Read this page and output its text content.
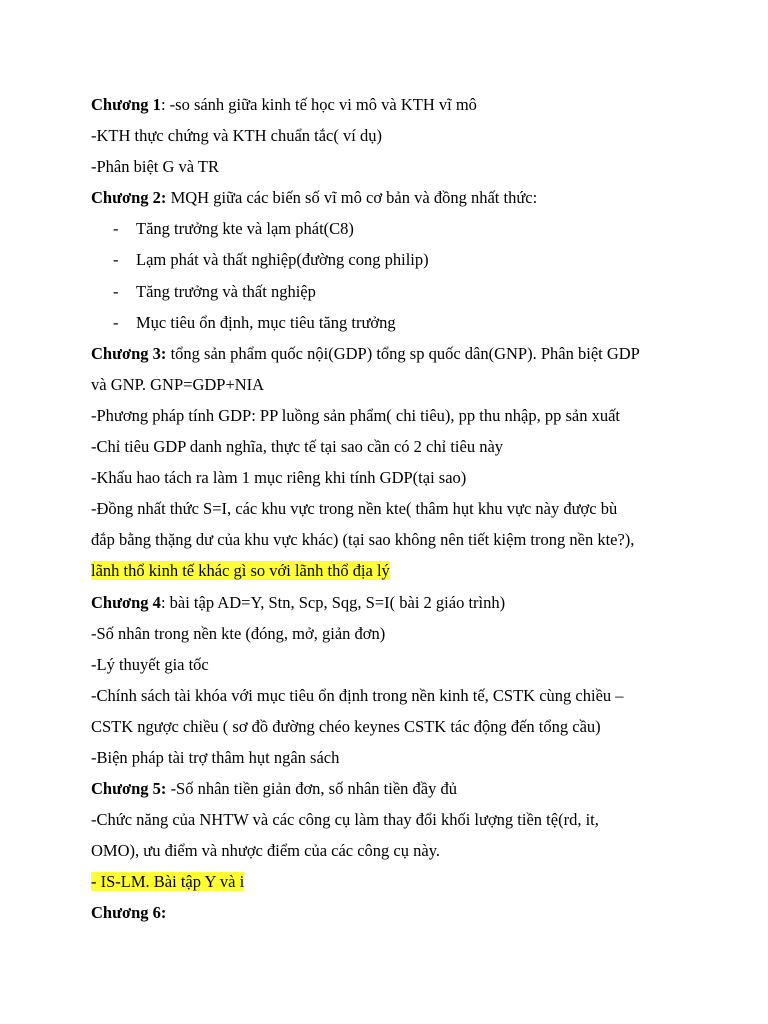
Chương 1: -so sánh giữa kinh tế học vi mô và KTH vĩ mô
-KTH thực chứng và KTH chuẩn tắc( ví dụ)
-Phân biệt G và TR
Chương 2: MQH giữa các biến số vĩ mô cơ bản và đồng nhất thức:
- Tăng trưởng kte và lạm phát(C8)
- Lạm phát và thất nghiệp(đường cong philip)
- Tăng trưởng và thất nghiệp
- Mục tiêu ổn định, mục tiêu tăng trưởng
Chương 3: tổng sản phẩm quốc nội(GDP) tổng sp quốc dân(GNP). Phân biệt GDP
và GNP. GNP=GDP+NIA
-Phương pháp tính GDP: PP luồng sản phẩm( chi tiêu), pp thu nhập, pp sản xuất
-Chỉ tiêu GDP danh nghĩa, thực tế tại sao cần có 2 chỉ tiêu này
-Khấu hao tách ra làm 1 mục riêng khi tính GDP(tại sao)
-Đồng nhất thức S=I, các khu vực trong nền kte( thâm hụt khu vực này được bù
đắp bằng thặng dư của khu vực khác) (tại sao không nên tiết kiệm trong nền kte?),
lãnh thổ kinh tế khác gì so với lãnh thổ địa lý
Chương 4: bài tập AD=Y, Stn, Scp, Sqg, S=I( bài 2 giáo trình)
-Số nhân trong nền kte (đóng, mở, giản đơn)
-Lý thuyết gia tốc
-Chính sách tài khóa với mục tiêu ổn định trong nền kinh tế, CSTK cùng chiều –
CSTK ngược chiều ( sơ đồ đường chéo keynes CSTK tác động đến tổng cầu)
-Biện pháp tài trợ thâm hụt ngân sách
Chương 5: -Số nhân tiền giản đơn, số nhân tiền đầy đủ
-Chức năng của NHTW và các công cụ làm thay đổi khối lượng tiền tệ(rd, it,
OMO), ưu điểm và nhược điểm của các công cụ này.
- IS-LM. Bài tập Y và i
Chương 6:
